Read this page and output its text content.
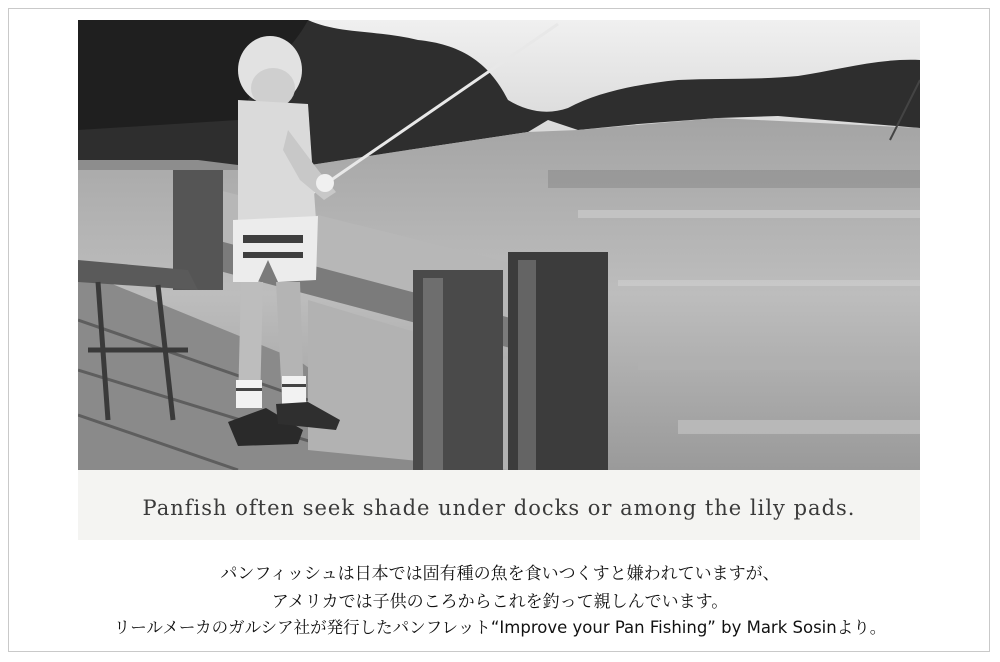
Panfish often seek shade under docks or among the lily pads.
パンフィッシュは日本では固有種の魚を食いつくすと嫌われていますが、
アメリカでは子供のころからこれを釣って親しんでいます。
リールメーカのガルシア社が発行したパンフレット“Improve your Pan Fishing” by Mark Sosinより。
